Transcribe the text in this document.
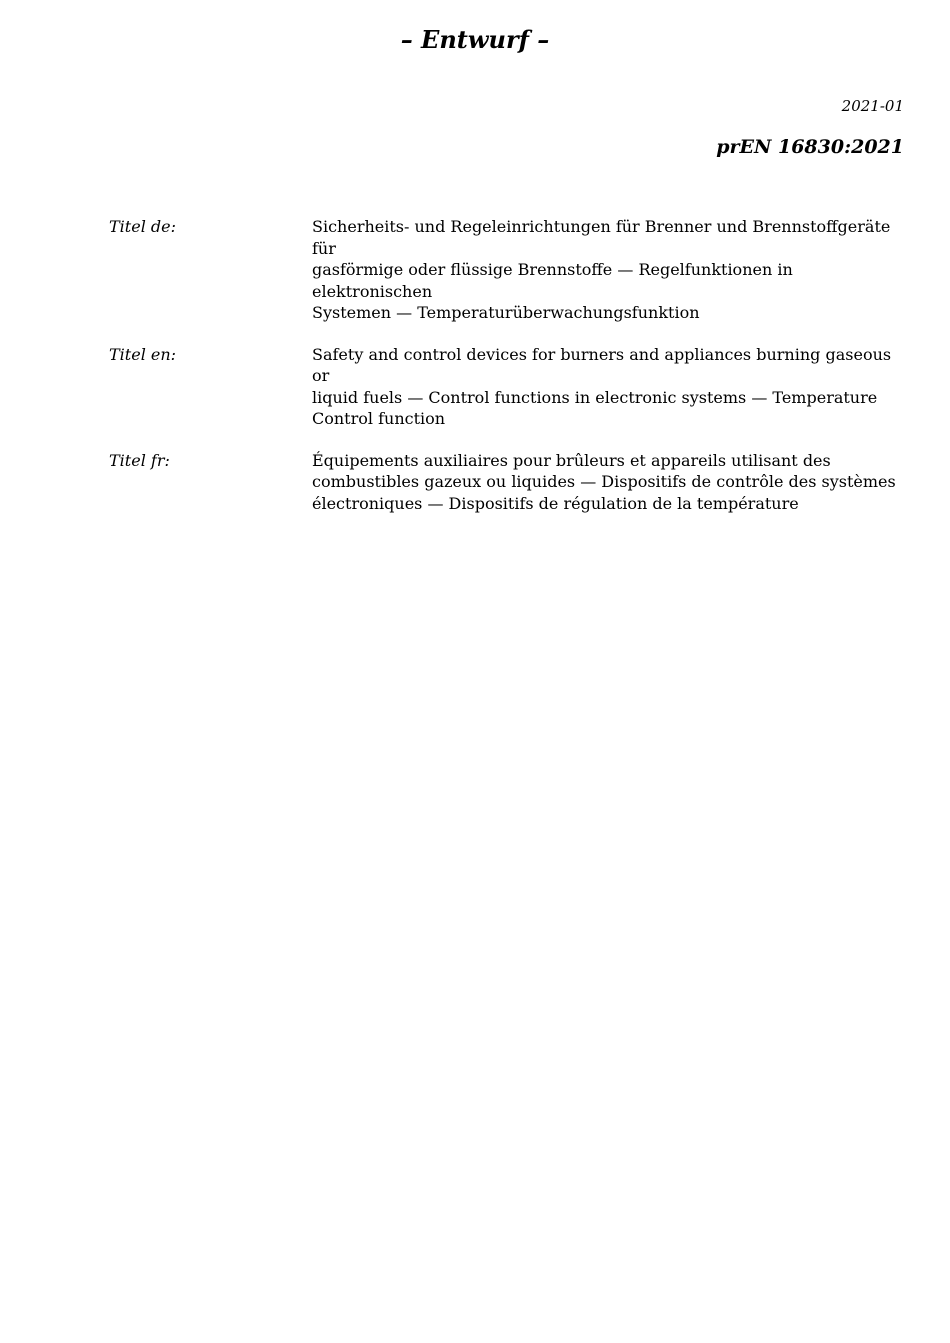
– Entwurf –
2021-01
prEN 16830:2021
Titel de:	Sicherheits- und Regeleinrichtungen für Brenner und Brennstoffgeräte für
gasförmige oder flüssige Brennstoffe — Regelfunktionen in elektronischen
Systemen — Temperaturüberwachungsfunktion
Titel en:	Safety and control devices for burners and appliances burning gaseous or
liquid fuels — Control functions in electronic systems — Temperature
Control function
Titel fr:	Équipements auxiliaires pour brûleurs et appareils utilisant des
combustibles gazeux ou liquides — Dispositifs de contrôle des systèmes
électroniques — Dispositifs de régulation de la température
